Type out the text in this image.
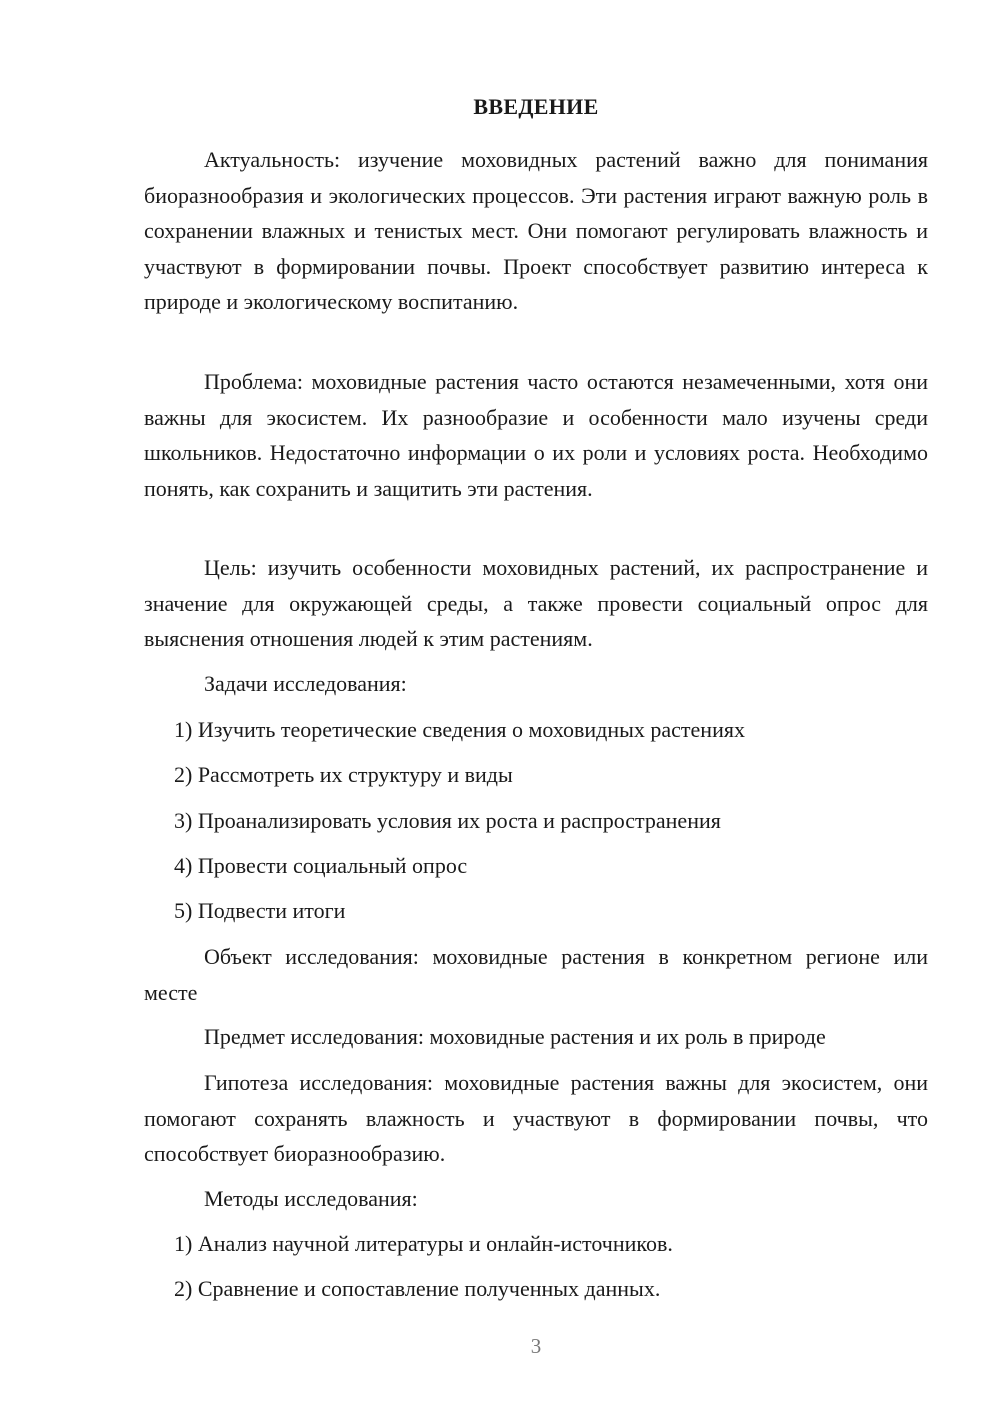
ВВЕДЕНИЕ

Актуальность: изучение моховидных растений важно для понимания биоразнообразия и экологических процессов. Эти растения играют важную роль в сохранении влажных и тенистых мест. Они помогают регулировать влажность и участвуют в формировании почвы. Проект способствует развитию интереса к природе и экологическому воспитанию.

Проблема: моховидные растения часто остаются незамеченными, хотя они важны для экосистем. Их разнообразие и особенности мало изучены среди школьников. Недостаточно информации о их роли и условиях роста. Необходимо понять, как сохранить и защитить эти растения.

Цель: изучить особенности моховидных растений, их распространение и значение для окружающей среды, а также провести социальный опрос для выяснения отношения людей к этим растениям.

Задачи исследования:

1) Изучить теоретические сведения о моховидных растениях

2) Рассмотреть их структуру и виды

3) Проанализировать условия их роста и распространения

4) Провести социальный опрос

5) Подвести итоги

Объект исследования: моховидные растения в конкретном регионе или месте

Предмет исследования: моховидные растения и их роль в природе

Гипотеза исследования: моховидные растения важны для экосистем, они помогают сохранять влажность и участвуют в формировании почвы, что способствует биоразнообразию.

Методы исследования:

1) Анализ научной литературы и онлайн-источников.

2) Сравнение и сопоставление полученных данных.

3
